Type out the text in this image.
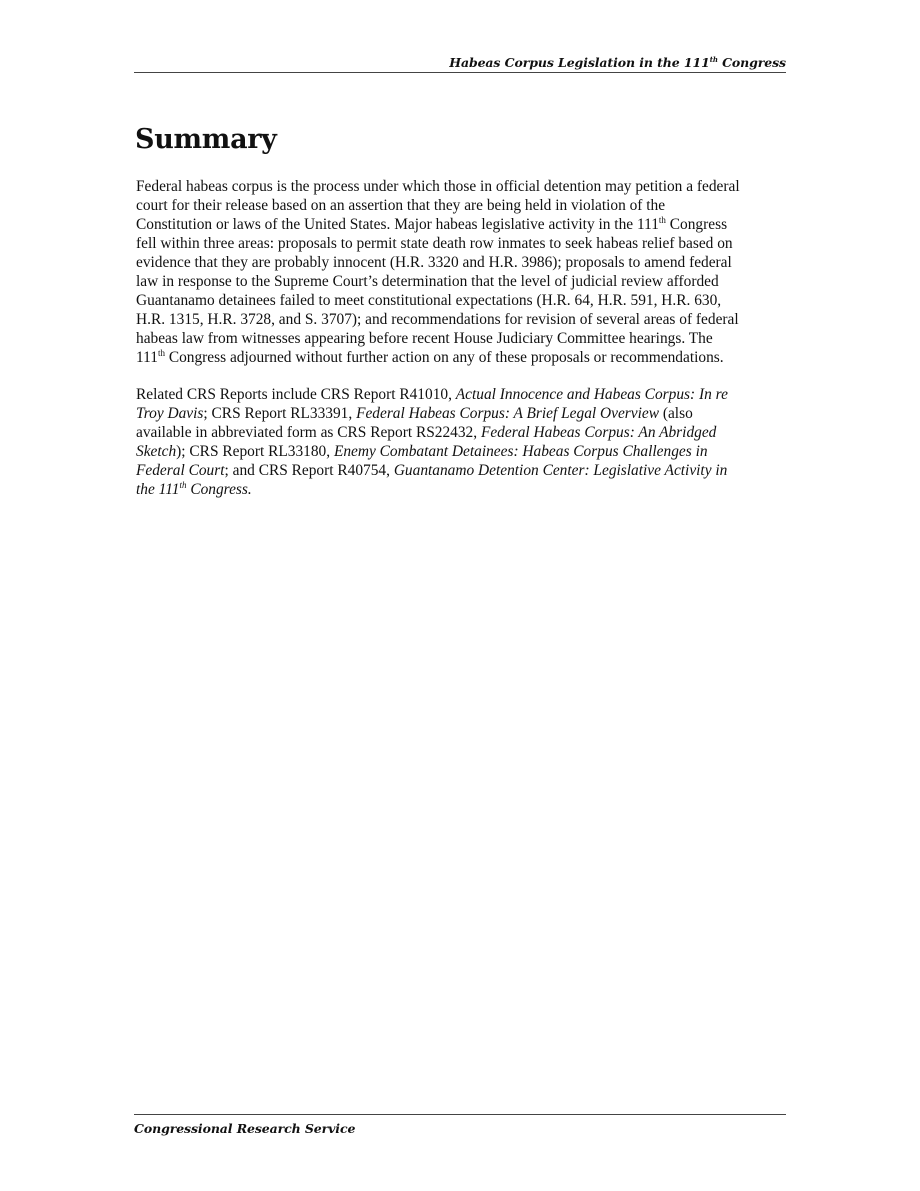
Habeas Corpus Legislation in the 111th Congress
Summary

Federal habeas corpus is the process under which those in official detention may petition a federal
court for their release based on an assertion that they are being held in violation of the
Constitution or laws of the United States. Major habeas legislative activity in the 111th Congress
fell within three areas: proposals to permit state death row inmates to seek habeas relief based on
evidence that they are probably innocent (H.R. 3320 and H.R. 3986); proposals to amend federal
law in response to the Supreme Court’s determination that the level of judicial review afforded
Guantanamo detainees failed to meet constitutional expectations (H.R. 64, H.R. 591, H.R. 630,
H.R. 1315, H.R. 3728, and S. 3707); and recommendations for revision of several areas of federal
habeas law from witnesses appearing before recent House Judiciary Committee hearings. The
111th Congress adjourned without further action on any of these proposals or recommendations.

Related CRS Reports include CRS Report R41010, Actual Innocence and Habeas Corpus: In re
Troy Davis; CRS Report RL33391, Federal Habeas Corpus: A Brief Legal Overview (also
available in abbreviated form as CRS Report RS22432, Federal Habeas Corpus: An Abridged
Sketch); CRS Report RL33180, Enemy Combatant Detainees: Habeas Corpus Challenges in
Federal Court; and CRS Report R40754, Guantanamo Detention Center: Legislative Activity in
the 111th Congress.

Congressional Research Service
